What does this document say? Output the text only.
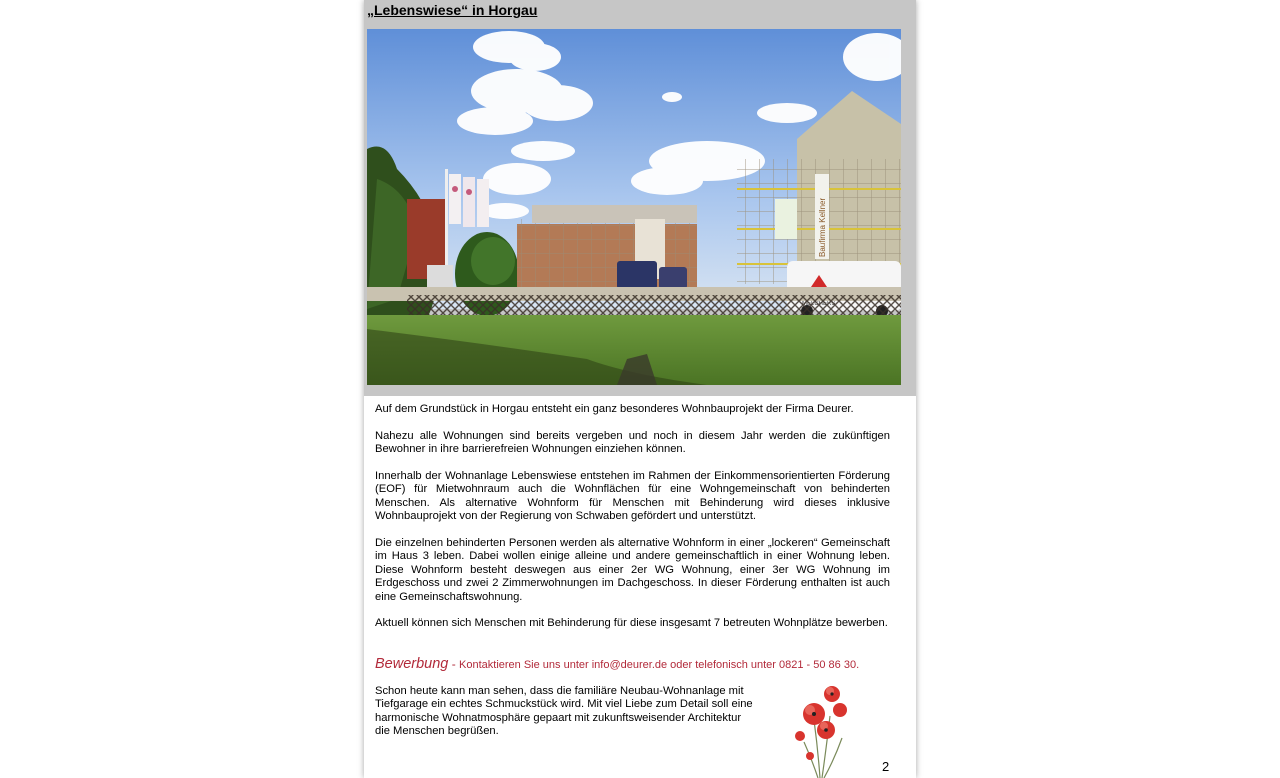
„Lebenswiese“ in Horgau
Baufirma Kellner

Auf dem Grundstück in Horgau entsteht ein ganz besonderes Wohnbauprojekt der Firma Deurer.

Nahezu alle Wohnungen sind bereits vergeben und noch in diesem Jahr werden die zukünftigen Bewohner in ihre barrierefreien Wohnungen einziehen können.

Innerhalb der Wohnanlage Lebenswiese entstehen im Rahmen der Einkommensorientierten Förderung (EOF) für Mietwohnraum auch die Wohnflächen für eine Wohngemeinschaft von behinderten Menschen. Als alternative Wohnform für Menschen mit Behinderung wird dieses inklusive Wohnbauprojekt von der Regierung von Schwaben gefördert und unterstützt.

Die einzelnen behinderten Personen werden als alternative Wohnform in einer „lockeren“ Gemeinschaft im Haus 3 leben. Dabei wollen einige alleine und andere gemeinschaftlich in einer Wohnung leben. Diese Wohnform besteht deswegen aus einer 2er WG Wohnung, einer 3er WG Wohnung im Erdgeschoss und zwei 2 Zimmerwohnungen im Dachgeschoss. In dieser Förderung enthalten ist auch eine Gemeinschaftswohnung.

Aktuell können sich Menschen mit Behinderung für diese insgesamt 7 betreuten Wohnplätze bewerben.

Bewerbung - Kontaktieren Sie uns unter info@deurer.de oder telefonisch unter 0821 - 50 86 30.

Schon heute kann man sehen, dass die familiäre Neubau-Wohnanlage mit Tiefgarage ein echtes Schmuckstück wird. Mit viel Liebe zum Detail soll eine harmonische Wohnatmosphäre gepaart mit zukunftsweisender Architektur die Menschen begrüßen.

2
